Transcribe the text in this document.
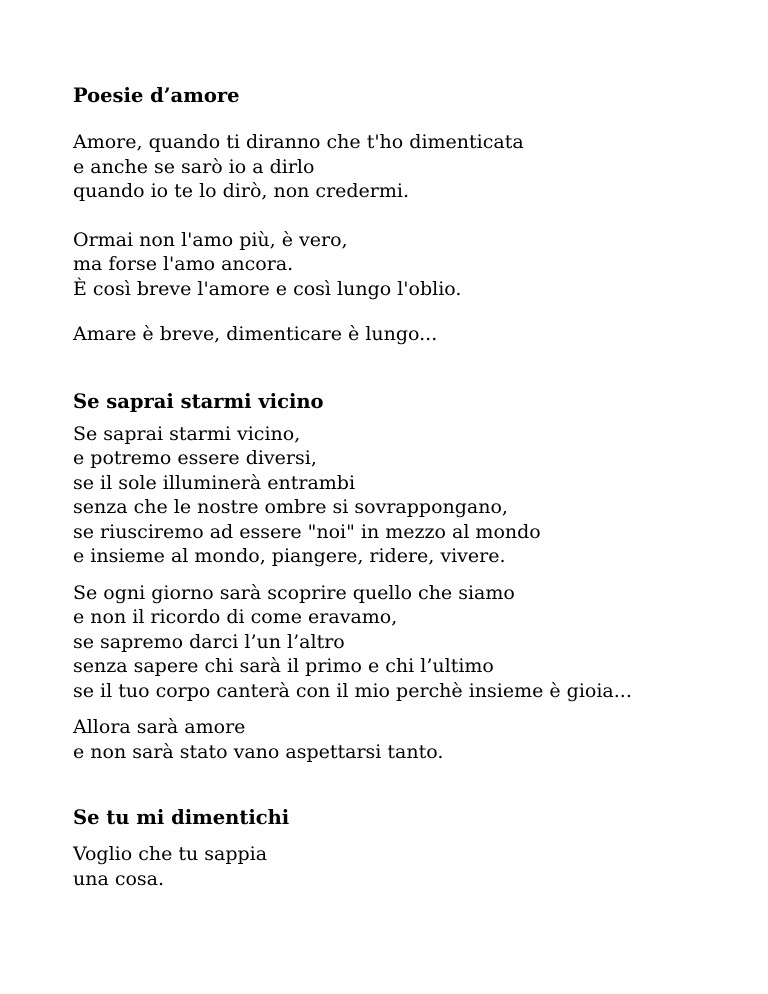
Poesie d’amore

Amore, quando ti diranno che t'ho dimenticata
e anche se sarò io a dirlo
quando io te lo dirò, non credermi.

Ormai non l'amo più, è vero,
ma forse l'amo ancora.
È così breve l'amore e così lungo l'oblio.

Amare è breve, dimenticare è lungo...

Se saprai starmi vicino

Se saprai starmi vicino,
e potremo essere diversi,
se il sole illuminerà entrambi
senza che le nostre ombre si sovrappongano,
se riusciremo ad essere "noi" in mezzo al mondo
e insieme al mondo, piangere, ridere, vivere.

Se ogni giorno sarà scoprire quello che siamo
e non il ricordo di come eravamo,
se sapremo darci l’un l’altro
senza sapere chi sarà il primo e chi l’ultimo
se il tuo corpo canterà con il mio perchè insieme è gioia...

Allora sarà amore
e non sarà stato vano aspettarsi tanto.

Se tu mi dimentichi

Voglio che tu sappia
una cosa.
